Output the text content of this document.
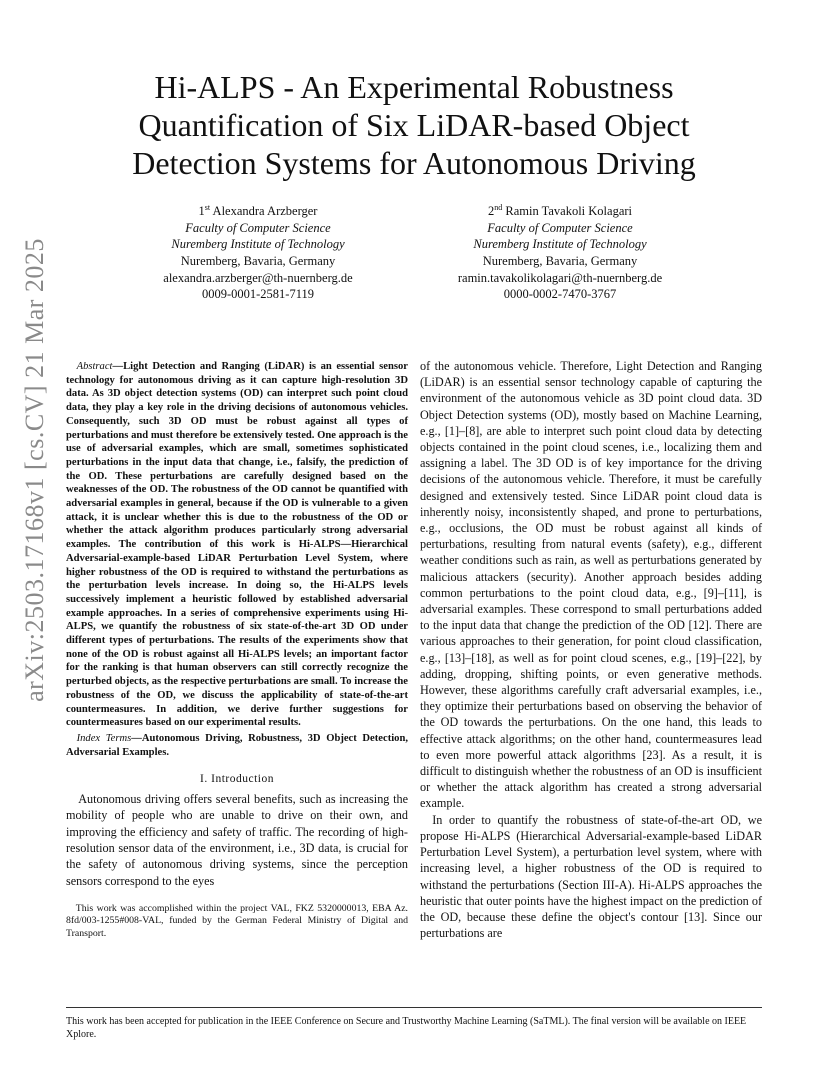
arXiv:2503.17168v1 [cs.CV] 21 Mar 2025
Hi-ALPS - An Experimental Robustness Quantification of Six LiDAR-based Object Detection Systems for Autonomous Driving
1st Alexandra Arzberger
Faculty of Computer Science
Nuremberg Institute of Technology
Nuremberg, Bavaria, Germany
alexandra.arzberger@th-nuernberg.de
0009-0001-2581-7119
2nd Ramin Tavakoli Kolagari
Faculty of Computer Science
Nuremberg Institute of Technology
Nuremberg, Bavaria, Germany
ramin.tavakolikolagari@th-nuernberg.de
0000-0002-7470-3767

Abstract—Light Detection and Ranging (LiDAR) is an essential sensor technology for autonomous driving as it can capture high-resolution 3D data. As 3D object detection systems (OD) can interpret such point cloud data, they play a key role in the driving decisions of autonomous vehicles. Consequently, such 3D OD must be robust against all types of perturbations and must therefore be extensively tested. One approach is the use of adversarial examples, which are small, sometimes sophisticated perturbations in the input data that change, i.e., falsify, the prediction of the OD. These perturbations are carefully designed based on the weaknesses of the OD. The robustness of the OD cannot be quantified with adversarial examples in general, because if the OD is vulnerable to a given attack, it is unclear whether this is due to the robustness of the OD or whether the attack algorithm produces particularly strong adversarial examples. The contribution of this work is Hi-ALPS—Hierarchical Adversarial-example-based LiDAR Perturbation Level System, where higher robustness of the OD is required to withstand the perturbations as the perturbation levels increase. In doing so, the Hi-ALPS levels successively implement a heuristic followed by established adversarial example approaches. In a series of comprehensive experiments using Hi-ALPS, we quantify the robustness of six state-of-the-art 3D OD under different types of perturbations. The results of the experiments show that none of the OD is robust against all Hi-ALPS levels; an important factor for the ranking is that human observers can still correctly recognize the perturbed objects, as the respective perturbations are small. To increase the robustness of the OD, we discuss the applicability of state-of-the-art countermeasures. In addition, we derive further suggestions for countermeasures based on our experimental results.

Index Terms—Autonomous Driving, Robustness, 3D Object Detection, Adversarial Examples.

I. Introduction

Autonomous driving offers several benefits, such as increasing the mobility of people who are unable to drive on their own, and improving the efficiency and safety of traffic. The recording of high-resolution sensor data of the environment, i.e., 3D data, is crucial for the safety of autonomous driving systems, since the perception sensors correspond to the eyes

This work was accomplished within the project VAL, FKZ 5320000013, EBA Az. 8fd/003-1255#008-VAL, funded by the German Federal Ministry of Digital and Transport.

of the autonomous vehicle. Therefore, Light Detection and Ranging (LiDAR) is an essential sensor technology capable of capturing the environment of the autonomous vehicle as 3D point cloud data. 3D Object Detection systems (OD), mostly based on Machine Learning, e.g., [1]–[8], are able to interpret such point cloud data by detecting objects contained in the point cloud scenes, i.e., localizing them and assigning a label. The 3D OD is of key importance for the driving decisions of the autonomous vehicle. Therefore, it must be carefully designed and extensively tested. Since LiDAR point cloud data is inherently noisy, inconsistently shaped, and prone to perturbations, e.g., occlusions, the OD must be robust against all kinds of perturbations, resulting from natural events (safety), e.g., different weather conditions such as rain, as well as perturbations generated by malicious attackers (security). Another approach besides adding common perturbations to the point cloud data, e.g., [9]–[11], is adversarial examples. These correspond to small perturbations added to the input data that change the prediction of the OD [12]. There are various approaches to their generation, for point cloud classification, e.g., [13]–[18], as well as for point cloud scenes, e.g., [19]–[22], by adding, dropping, shifting points, or even generative methods. However, these algorithms carefully craft adversarial examples, i.e., they optimize their perturbations based on observing the behavior of the OD towards the perturbations. On the one hand, this leads to effective attack algorithms; on the other hand, countermeasures lead to even more powerful attack algorithms [23]. As a result, it is difficult to distinguish whether the robustness of an OD is insufficient or whether the attack algorithm has created a strong adversarial example.

In order to quantify the robustness of state-of-the-art OD, we propose Hi-ALPS (Hierarchical Adversarial-example-based LiDAR Perturbation Level System), a perturbation level system, where with increasing level, a higher robustness of the OD is required to withstand the perturbations (Section III-A). Hi-ALPS approaches the heuristic that outer points have the highest impact on the prediction of the OD, because these define the object's contour [13]. Since our perturbations are

This work has been accepted for publication in the IEEE Conference on Secure and Trustworthy Machine Learning (SaTML). The final version will be available on IEEE Xplore.
